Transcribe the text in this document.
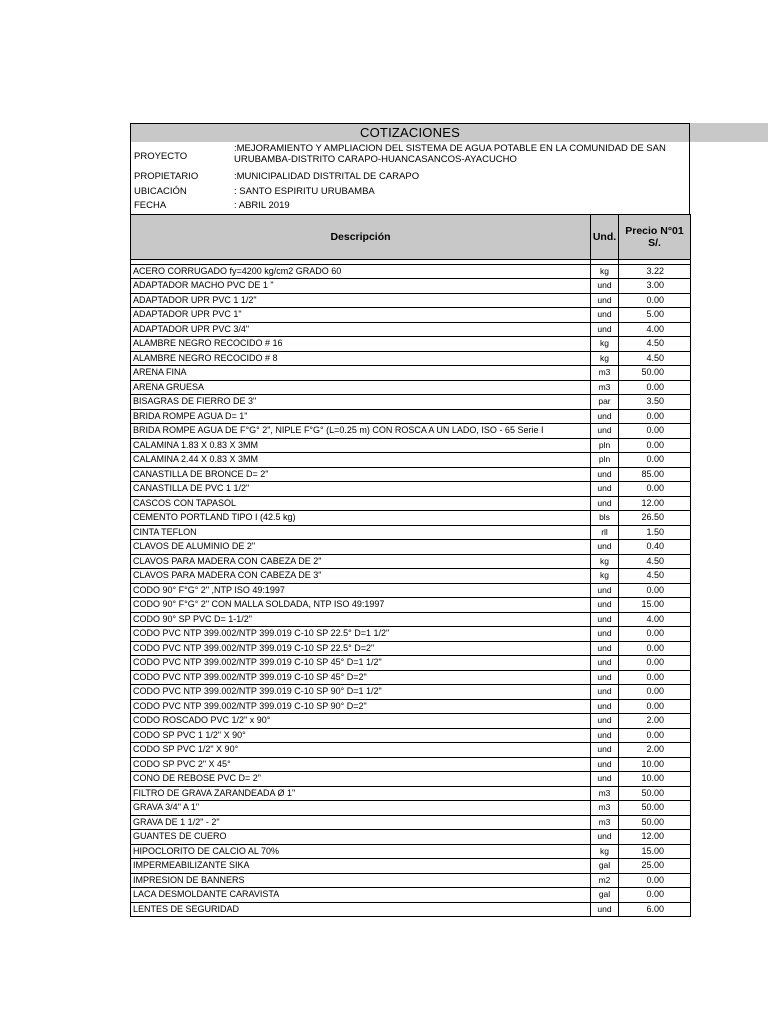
COTIZACIONES
PROYECTO
:MEJORAMIENTO Y AMPLIACION DEL SISTEMA DE AGUA POTABLE EN LA COMUNIDAD DE SAN URUBAMBA-DISTRITO CARAPO-HUANCASANCOS-AYACUCHO
PROPIETARIO	:MUNICIPALIDAD DISTRITAL DE CARAPO
UBICACIÓN	: SANTO ESPIRITU URUBAMBA
FECHA	: ABRIL 2019
Descripción	Und.	Precio N°01 S/.

ACERO CORRUGADO fy=4200 kg/cm2 GRADO 60	kg	3.22
ADAPTADOR MACHO PVC DE 1 "	und	3.00
ADAPTADOR UPR PVC 1 1/2"	und	0.00
ADAPTADOR UPR PVC 1"	und	5.00
ADAPTADOR UPR PVC 3/4"	und	4.00
ALAMBRE NEGRO RECOCIDO # 16	kg	4.50
ALAMBRE NEGRO RECOCIDO # 8	kg	4.50
ARENA FINA	m3	50.00
ARENA GRUESA	m3	0.00
BISAGRAS DE FIERRO DE 3"	par	3.50
BRIDA ROMPE AGUA D= 1"	und	0.00
BRIDA ROMPE AGUA DE F°G° 2", NIPLE F°G° (L=0.25 m) CON ROSCA A UN LADO, ISO - 65 Serie I	und	0.00
CALAMINA 1.83 X 0.83 X 3MM	pln	0.00
CALAMINA 2.44 X 0.83 X 3MM	pln	0.00
CANASTILLA DE BRONCE D= 2"	und	85.00
CANASTILLA DE PVC 1 1/2"	und	0.00
CASCOS CON TAPASOL	und	12.00
CEMENTO PORTLAND TIPO I (42.5 kg)	bls	26.50
CINTA TEFLON	rll	1.50
CLAVOS DE ALUMINIO DE 2"	und	0.40
CLAVOS PARA MADERA CON CABEZA DE 2"	kg	4.50
CLAVOS PARA MADERA CON CABEZA DE 3"	kg	4.50
CODO 90° F°G° 2" ,NTP ISO 49:1997	und	0.00
CODO 90° F°G° 2" CON MALLA SOLDADA, NTP ISO 49:1997	und	15.00
CODO 90° SP PVC D= 1-1/2"	und	4.00
CODO PVC NTP 399.002/NTP 399.019 C-10 SP 22.5° D=1 1/2"	und	0.00
CODO PVC NTP 399.002/NTP 399.019 C-10 SP 22.5° D=2"	und	0.00
CODO PVC NTP 399.002/NTP 399.019 C-10 SP 45° D=1 1/2"	und	0.00
CODO PVC NTP 399.002/NTP 399.019 C-10 SP 45° D=2"	und	0.00
CODO PVC NTP 399.002/NTP 399.019 C-10 SP 90° D=1 1/2"	und	0.00
CODO PVC NTP 399.002/NTP 399.019 C-10 SP 90° D=2"	und	0.00
CODO ROSCADO PVC 1/2" x 90°	und	2.00
CODO SP PVC 1 1/2" X 90°	und	0.00
CODO SP PVC 1/2" X 90°	und	2.00
CODO SP PVC 2" X 45°	und	10.00
CONO DE REBOSE PVC D= 2"	und	10.00
FILTRO DE GRAVA ZARANDEADA Ø 1"	m3	50.00
GRAVA 3/4" A 1"	m3	50.00
GRAVA DE 1 1/2" - 2"	m3	50.00
GUANTES DE CUERO	und	12.00
HIPOCLORITO DE CALCIO AL 70%	kg	15.00
IMPERMEABILIZANTE SIKA	gal	25.00
IMPRESION DE BANNERS	m2	0.00
LACA DESMOLDANTE CARAVISTA	gal	0.00
LENTES DE SEGURIDAD	und	6.00
